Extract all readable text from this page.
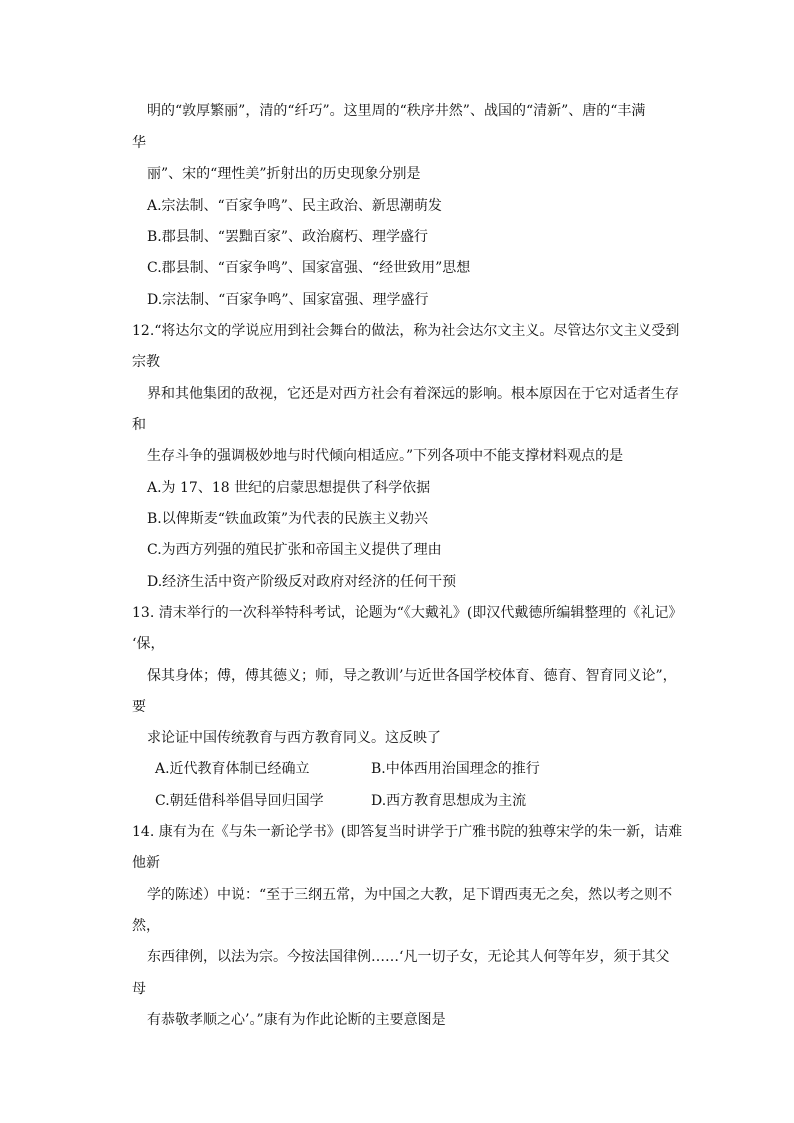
明的“敦厚繁丽”，清的“纤巧”。这里周的“秩序井然”、战国的“清新”、唐的“丰满
华
丽”、宋的“理性美”折射出的历史现象分别是
A.宗法制、“百家争鸣”、民主政治、新思潮萌发
B.郡县制、“罢黜百家”、政治腐朽、理学盛行
C.郡县制、“百家争鸣”、国家富强、“经世致用”思想
D.宗法制、“百家争鸣”、国家富强、理学盛行
12.“将达尔文的学说应用到社会舞台的做法，称为社会达尔文主义。尽管达尔文主义受到
宗教
界和其他集团的敌视，它还是对西方社会有着深远的影响。根本原因在于它对适者生存
和
生存斗争的强调极妙地与时代倾向相适应。”下列各项中不能支撑材料观点的是
A.为 17、18 世纪的启蒙思想提供了科学依据
B.以俾斯麦“铁血政策”为代表的民族主义勃兴
C.为西方列强的殖民扩张和帝国主义提供了理由
D.经济生活中资产阶级反对政府对经济的任何干预
13. 清末举行的一次科举特科考试，论题为“《大戴礼》(即汉代戴德所编辑整理的《礼记》
‘保，
保其身体；傅，傅其德义；师，导之教训’与近世各国学校体育、德育、智育同义论”，
要
求论证中国传统教育与西方教育同义。这反映了
A.近代教育体制已经确立	B.中体西用治国理念的推行
C.朝廷借科举倡导回归国学	D.西方教育思想成为主流
14. 康有为在《与朱一新论学书》(即答复当时讲学于广雅书院的独尊宋学的朱一新，诘难
他新
学的陈述）中说：“至于三纲五常，为中国之大教，足下谓西夷无之矣，然以考之则不
然，
东西律例，以法为宗。今按法国律例……‘凡一切子女，无论其人何等年岁，须于其父
母
有恭敬孝顺之心’。”康有为作此论断的主要意图是
